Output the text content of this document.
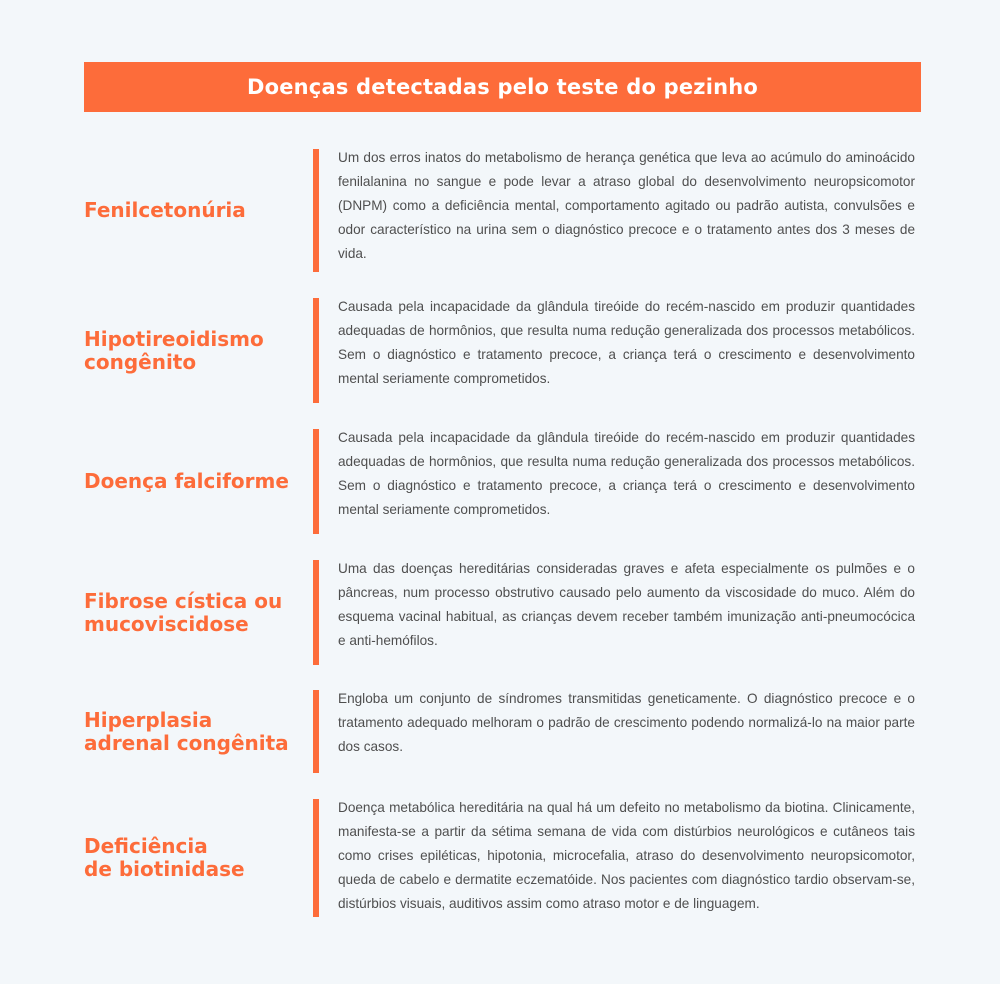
Doenças detectadas pelo teste do pezinho
Fenilcetonúria

Um dos erros inatos do metabolismo de herança genética que leva ao acúmulo do aminoácido fenilalanina no sangue e pode levar a atraso global do desenvolvimento neuropsicomotor (DNPM) como a deficiência mental, comportamento agitado ou padrão autista, convulsões e odor característico na urina sem o diagnóstico precoce e o tratamento antes dos 3 meses de vida.

Hipotireoidismo
congênito

Causada pela incapacidade da glândula tireóide do recém-nascido em produzir quantidades adequadas de hormônios, que resulta numa redução generalizada dos processos metabólicos. Sem o diagnóstico e tratamento precoce, a criança terá o crescimento e desenvolvimento mental seriamente comprometidos.

Doença falciforme

Causada pela incapacidade da glândula tireóide do recém-nascido em produzir quantidades adequadas de hormônios, que resulta numa redução generalizada dos processos metabólicos. Sem o diagnóstico e tratamento precoce, a criança terá o crescimento e desenvolvimento mental seriamente comprometidos.

Fibrose cística ou
mucoviscidose

Uma das doenças hereditárias consideradas graves e afeta especialmente os pulmões e o pâncreas, num processo obstrutivo causado pelo aumento da viscosidade do muco. Além do esquema vacinal habitual, as crianças devem receber também imunização anti-pneumocócica e anti-hemófilos.

Hiperplasia
adrenal congênita

Engloba um conjunto de síndromes transmitidas geneticamente. O diagnóstico precoce e o tratamento adequado melhoram o padrão de crescimento podendo normalizá-lo na maior parte dos casos.

Deficiência
de biotinidase

Doença metabólica hereditária na qual há um defeito no metabolismo da biotina. Clinicamente, manifesta-se a partir da sétima semana de vida com distúrbios neurológicos e cutâneos tais como crises epiléticas, hipotonia, microcefalia, atraso do desenvolvimento neuropsicomotor, queda de cabelo e dermatite eczematóide. Nos pacientes com diagnóstico tardio observam-se, distúrbios visuais, auditivos assim como atraso motor e de linguagem.
